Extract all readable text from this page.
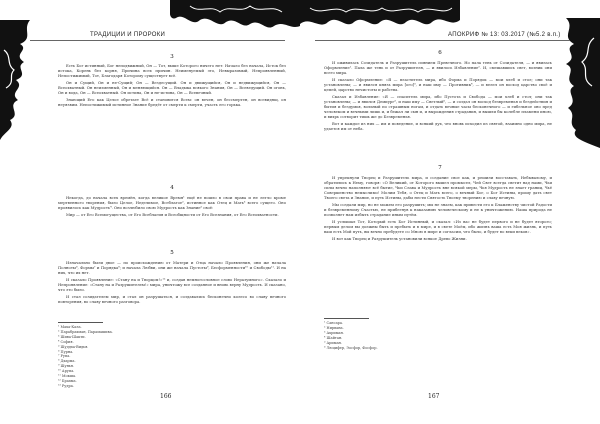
ТРАДИЦИИ И ПРОРОКИ
3

Есть Бог истинный, Бог неподвижный, Он — Тот, выше Которого ничего нет: Начало без начала, Исток без истока, Корень без корня, Причина всех причин. Неименуемый это, Невыразимый, Непроявленный, Непостижимый, Тот, Благодаря Которому существует всё.

Он и Сущий, Он и не-Сущий; Он — Вездесущий. Он и движущийся, Он и недвижущийся, Он — Всеохватный. Он неизменный, Он и меняющийся. Он — Владыка всякого Знания, Он — Всеведущий. Он огонь, Он и вода, Он — Всеохватный. Он истина, Он и не-истина, Он — Всевечный.

Знающий Его как Целое обретает Всё и становится Всем: он вечен, он бессмертен, он всевидящ, он неуязвим. Непостижимый истинное Знание бредёт от смерти к смерти, участь его горька.

4

Некогда, до начала всех времён, когда великое Время¹ ещё не вошло в свои права и не легло кроме мертвенного творения, было Целое, Неделимое, Всеблагое², истинное как Отец и Мать³ всего сущего. Оно проявилось как Мудрость⁴. Оно возлюбило свою Мудрость как Знание⁵ своё:

Мир — от Его Всемогущества, от Его Всеблагия и Всеобщности от Его Всезнания, от Его Всеохватности.

5

Изначально были двое — по происхождению от Матери и Отца начало Проявления, они же начала Полноты⁶, Формы⁷ и Порядка⁸; и начала Любви, они же начала Пустоты⁹, Бесформенности¹⁰ и Свободы¹¹. И на них, что их нет.

И сказало Проявление: «Стану на и Творцом!»¹² и, создав немногословное слово Неразумного». Сказало и Непроявление: «Стану на и Разрушителем!» мира, уничтожу все созданное и вновь верну Мудрость. И сказано, что это было.

И стал созидателем мир, и стал он разрушаться, и создавались бесконечно колесо во славу вечного повторения, во славу вечного разговора.

¹ Маха-Кала.
² Парабрахман, Парамашива.
³ Шива-Шакти.
⁴ София.
⁵ Шуддха-Видья.
⁶ Пурна.
⁷ Рупа.
⁸ Дхарма.
⁹ Шунья.
¹⁰ Арупа.
¹¹ Мокша.
¹² Брахма.
¹³ Рудра.
166
АПОКРИФ № 13: 03.2017 (№5.2 в.п.)
6

И оживилась Созидатель и Разрушитель сиянием Превечного. Но пала тень от Созидателя, — и явилась Оформление¹. Пала же тень и от Разрушителя, — и явилось Избавление². И, смешавшись свет, возник они всего мира.

И сказало Оформление: «Я — властитель мира, ибо Форма и Порядок — мои хлеб и стол; они так установлены; — и явился князь мира [ого]³, и наш иму — Противник⁴, — и велел он восход царство своё и цепей, царство нечистоты и рабства.

Сказал и Избавление: «Я — спаситель мира, ибо Пустота и Свобода — мои хлеб и стол; они так установлены; — и явился Демиург⁵, и наш иму — Светлый⁶, — и создал он восход безвременья и бездействия и бытия и бездумья, вольный по страшным ногам, и отдать вечные часы бесконечного — и гибельное оно пред человеком и вечными лишь и, и бежал ли сын и, и вырождения страдания, и вышли бы колебле пламени иною, и вихрь сотворит тишь же до Безвременья.

Вот и каждое из них — им и поведение, и всякий дух, что вновь исходил из святой, взаимно одно мира, не удается им от неба.

7

И упрекнули Творец и Разрушитель мира, и создание свое как, и решили восставать, Небывалому, и обратились к Нему, говоря: «О Великий, от Которого вышел промысел, Чей Свет всегда светит над нами, Чьи силы вечно наполняют всё бытие, Чьи Слава и Мудрость вне всякой меры, Чья Мудрость не знает границ, Чьё Совершенство немыслимо! Молим Тебя, о Отец и Мать всего, о вечный Бог, о Бог Истины, прошу дать свет Твоего света и Знание, и путь Истины, дабы нести Святость Твоему творению и славу вечную.

Мы создали мир, но не можем его разрушить; мы не знаем, как привести его к Блаженству чистой Радости и безвременному Счастью, не прибегнув к наказанию человеческому и не к уничтожению. Наша природа не позволяет нам избыть страдание иным путём.

И услышал Тот, Который есть Бог Истинный, и сказал: «Из вас не будет первого и не будет второго; первым делом вы должны быть и пребыть и в мире, и в свете Моём, ибо жизнь ваша есть Моя жизнь, и путь ваш есть Мой путь, вы вечно пребудете со Мною в мире и согласии, что было, и будет во веки веков».

И вот как Творец и Разрушитель установили всякое Древо Жизни.

¹ Сансара.
² Нирвана.
³ Ахриман.
⁴ Шайтан.
⁵ Ариман.
⁶ Люцифер, Эосфор, Фосфор.
167
